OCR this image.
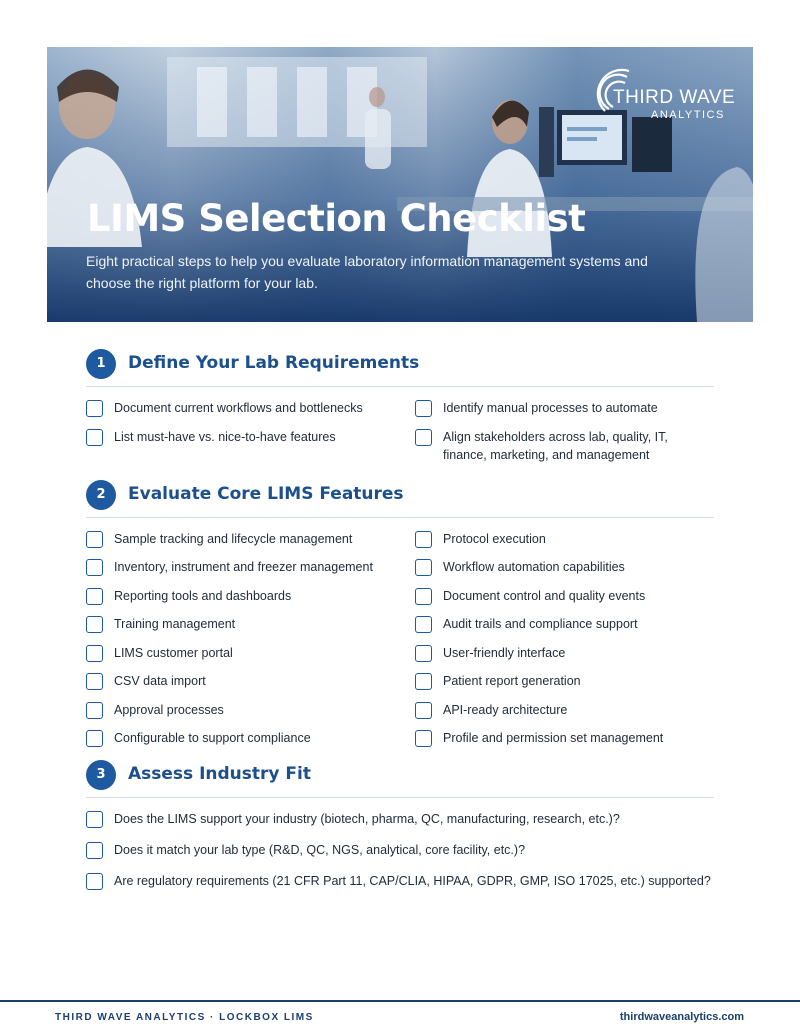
THIRD WAVE
ANALYTICS
LIMS Selection Checklist
Eight practical steps to help you evaluate laboratory information management systems and choose the right platform for your lab.
1	Define Your Lab Requirements
Document current workflows and bottlenecks	Identify manual processes to automate
List must-have vs. nice-to-have features	Align stakeholders across lab, quality, IT, finance, marketing, and management
2	Evaluate Core LIMS Features
Sample tracking and lifecycle management	Protocol execution
Inventory, instrument and freezer management	Workflow automation capabilities
Reporting tools and dashboards	Document control and quality events
Training management	Audit trails and compliance support
LIMS customer portal	User-friendly interface
CSV data import	Patient report generation
Approval processes	API-ready architecture
Configurable to support compliance	Profile and permission set management
3	Assess Industry Fit
Does the LIMS support your industry (biotech, pharma, QC, manufacturing, research, etc.)?
Does it match your lab type (R&D, QC, NGS, analytical, core facility, etc.)?
Are regulatory requirements (21 CFR Part 11, CAP/CLIA, HIPAA, GDPR, GMP, ISO 17025, etc.) supported?
THIRD WAVE ANALYTICS · LOCKBOX LIMS	thirdwaveanalytics.com
